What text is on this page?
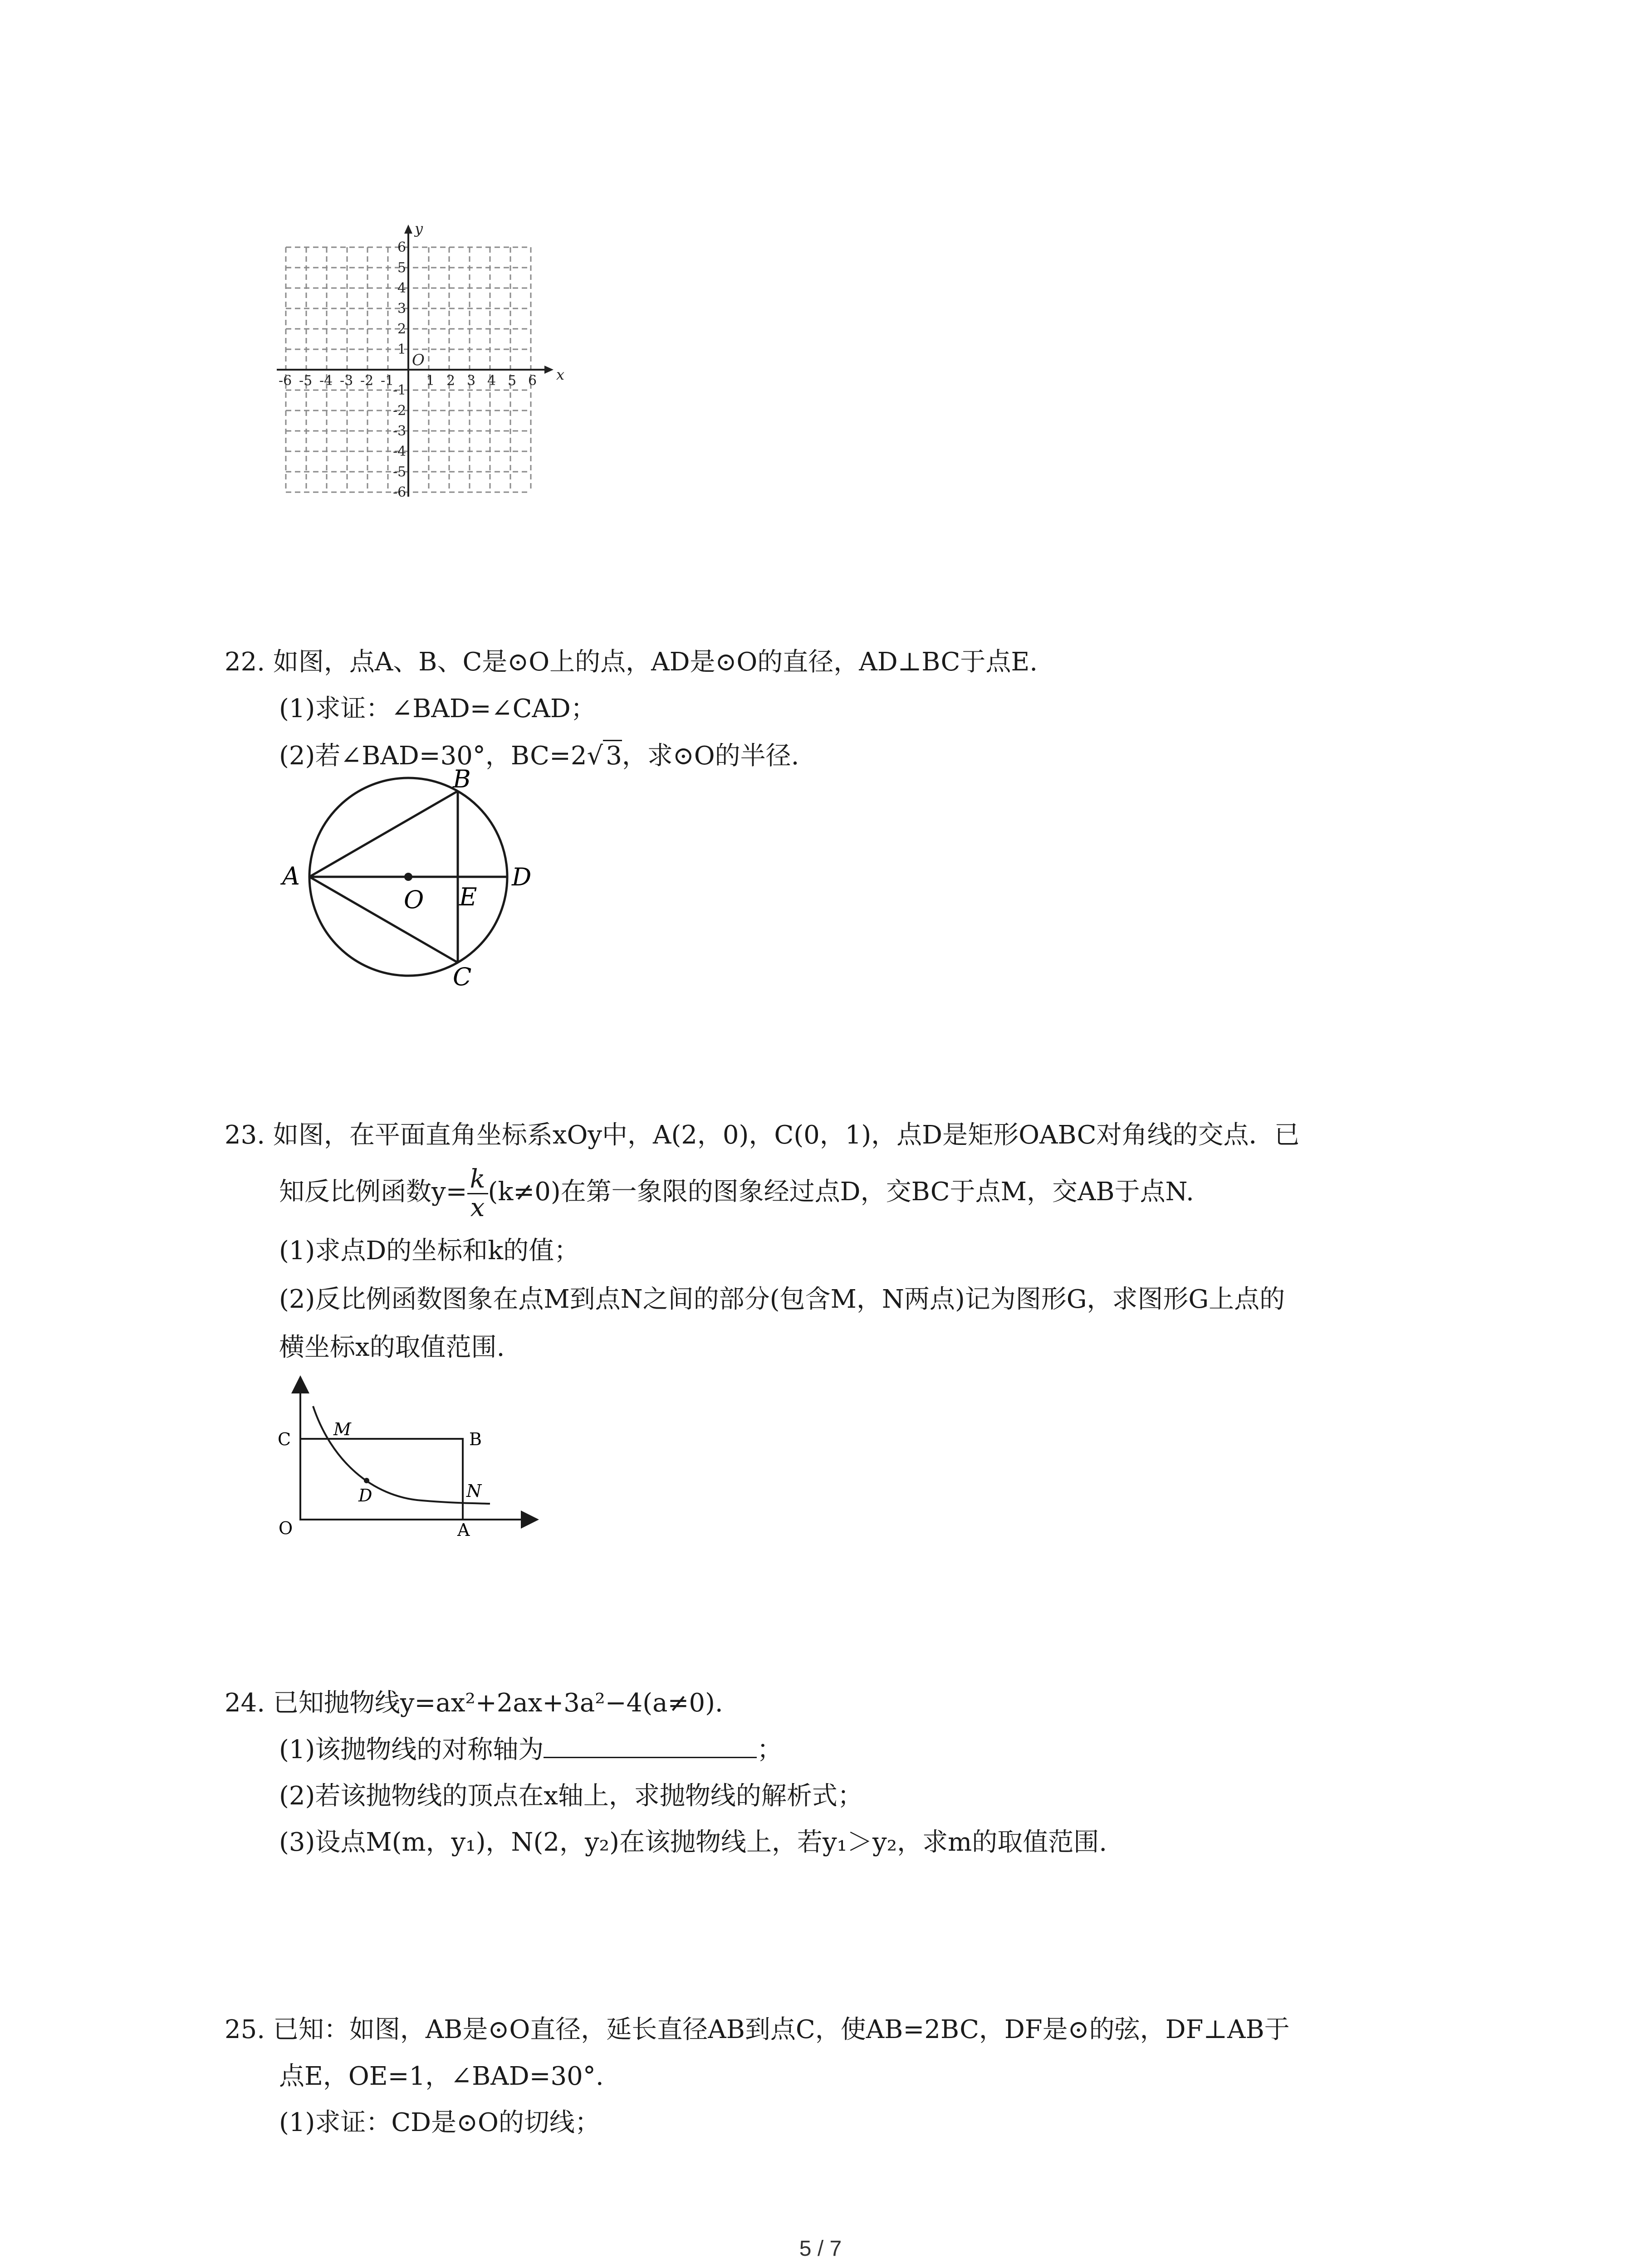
-6 -5 -4 -3 -2 -1 1 2 3 4 5 6
6
5
4
3
2
1
-1
-2
-3
-4
-5
-6
x
y
O
22. 如图，点A、B、C是⊙O上的点，AD是⊙O的直径，AD⊥BC于点E.
(1)求证：∠BAD=∠CAD；
(2)若∠BAD=30°，BC=2√ 3，求⊙O的半径.
A
B
C
D
E
O
23. 如图，在平面直角坐标系xOy中，A(2，0)，C(0，1)，点D是矩形OABC对角线的交点．已
知反比例函数$y= \frac{k}{x} (k\ne 0)$在第一象限的图象经过点D，交BC于点M，交AB于点N.
(1)求点D的坐标和k的值；
(2)反比例函数图象在点M到点N之间的部分(包含M，N两点)记为图形G，求图形G上点的
横坐标x的取值范围.
C M	B
D	N
O	A
24. 已知抛物线y=ax²+2ax+3a²−4(a≠0).
(1)该抛物线的对称轴为	；
(2)若该抛物线的顶点在x轴上，求抛物线的解析式；
(3)设点M(m，y₁)，N(2，y₂)在该抛物线上，若y₁＞y₂，求m的取值范围.
25. 已知：如图，AB是⊙O直径，延长直径AB到点C，使AB=2BC，DF是⊙的弦，DF⊥AB于
点E，OE=1，∠BAD=30°.
(1)求证：CD是⊙O的切线；
5 / 7
